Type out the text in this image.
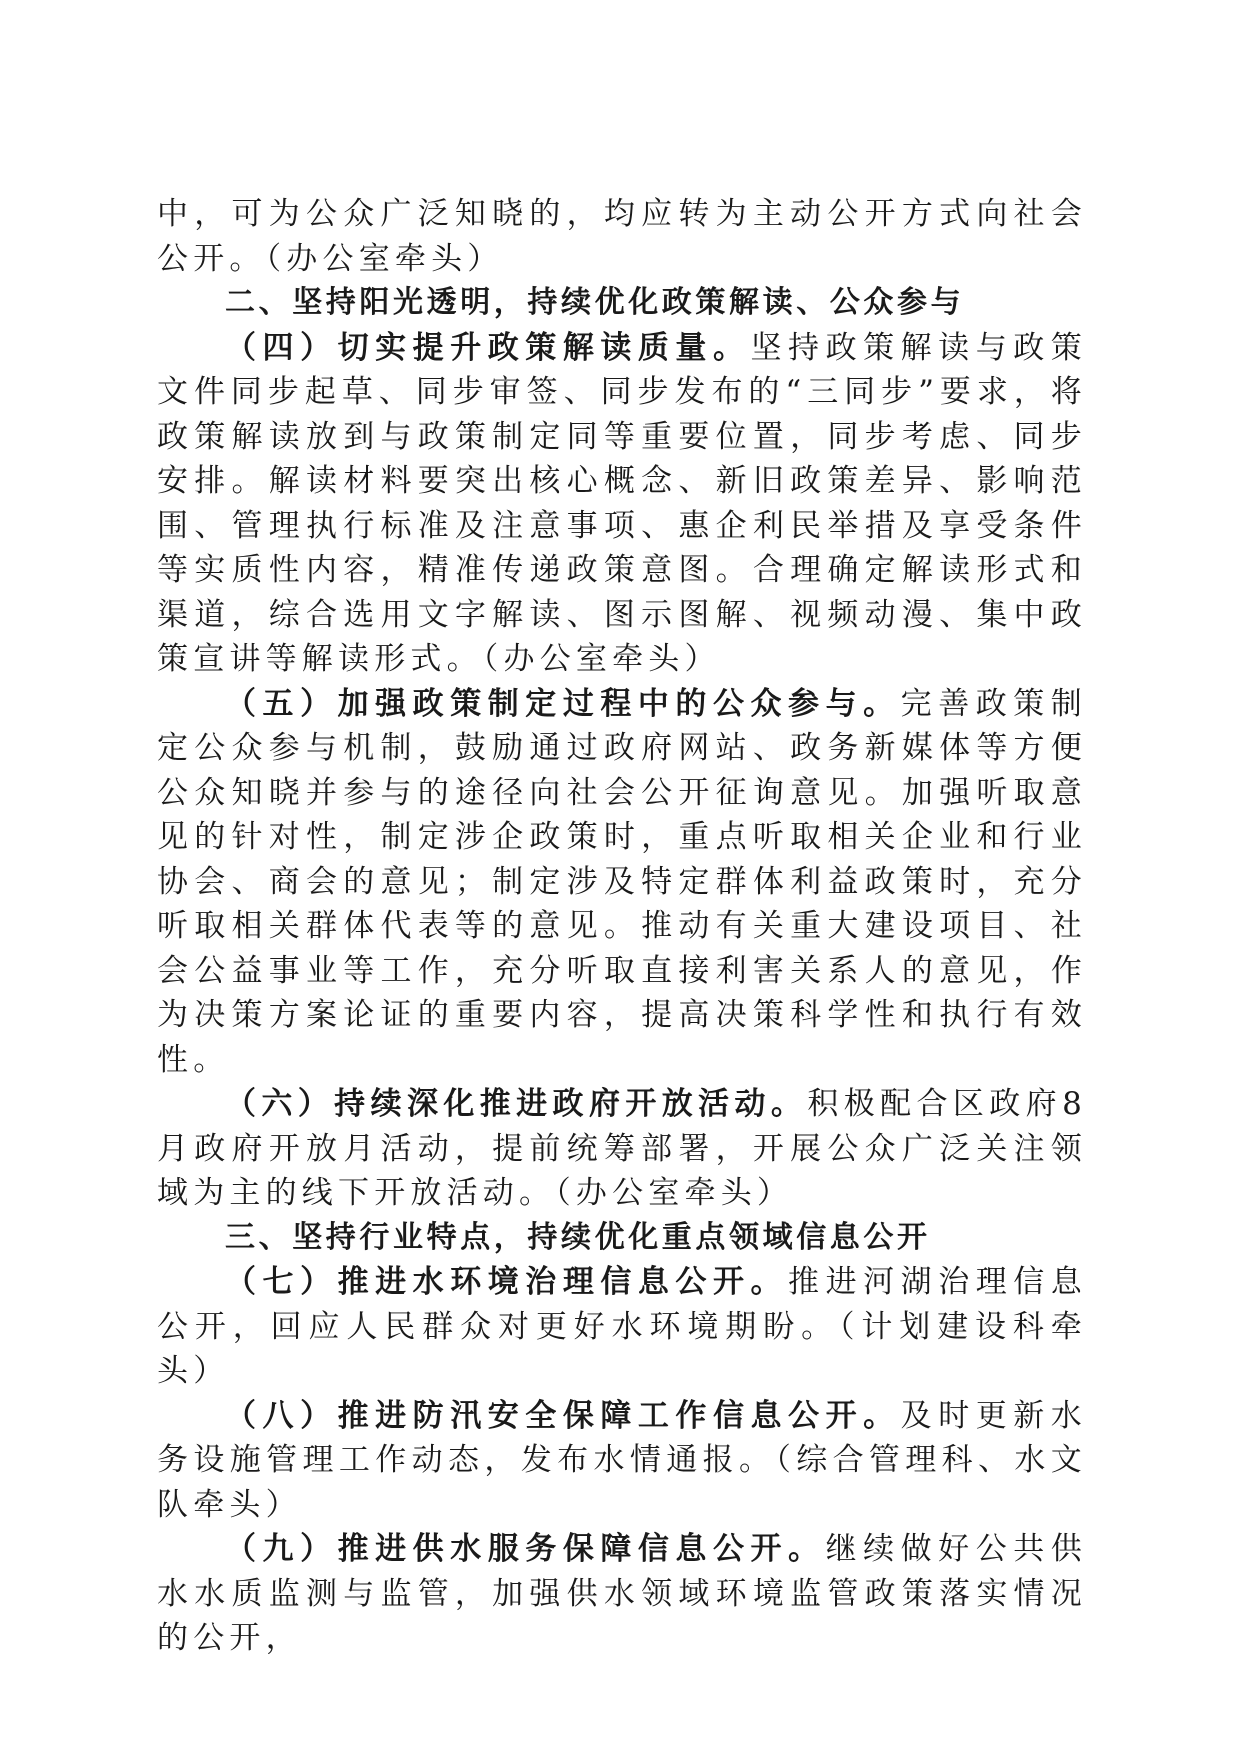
中，可为公众广泛知晓的，均应转为主动公开方式向社会公开。（办公室牵头）

二、坚持阳光透明，持续优化政策解读、公众参与

（四）切实提升政策解读质量。坚持政策解读与政策文件同步起草、同步审签、同步发布的“三同步”要求，将政策解读放到与政策制定同等重要位置，同步考虑、同步安排。解读材料要突出核心概念、新旧政策差异、影响范围、管理执行标准及注意事项、惠企利民举措及享受条件等实质性内容，精准传递政策意图。合理确定解读形式和渠道，综合选用文字解读、图示图解、视频动漫、集中政策宣讲等解读形式。（办公室牵头）

（五）加强政策制定过程中的公众参与。完善政策制定公众参与机制，鼓励通过政府网站、政务新媒体等方便公众知晓并参与的途径向社会公开征询意见。加强听取意见的针对性，制定涉企政策时，重点听取相关企业和行业协会、商会的意见；制定涉及特定群体利益政策时，充分听取相关群体代表等的意见。推动有关重大建设项目、社会公益事业等工作，充分听取直接利害关系人的意见，作为决策方案论证的重要内容，提高决策科学性和执行有效性。

（六）持续深化推进政府开放活动。积极配合区政府8月政府开放月活动，提前统筹部署，开展公众广泛关注领域为主的线下开放活动。（办公室牵头）

三、坚持行业特点，持续优化重点领域信息公开

（七）推进水环境治理信息公开。推进河湖治理信息公开，回应人民群众对更好水环境期盼。（计划建设科牵头）

（八）推进防汛安全保障工作信息公开。及时更新水务设施管理工作动态，发布水情通报。（综合管理科、水文队牵头）

（九）推进供水服务保障信息公开。继续做好公共供水水质监测与监管，加强供水领域环境监管政策落实情况的公开，
